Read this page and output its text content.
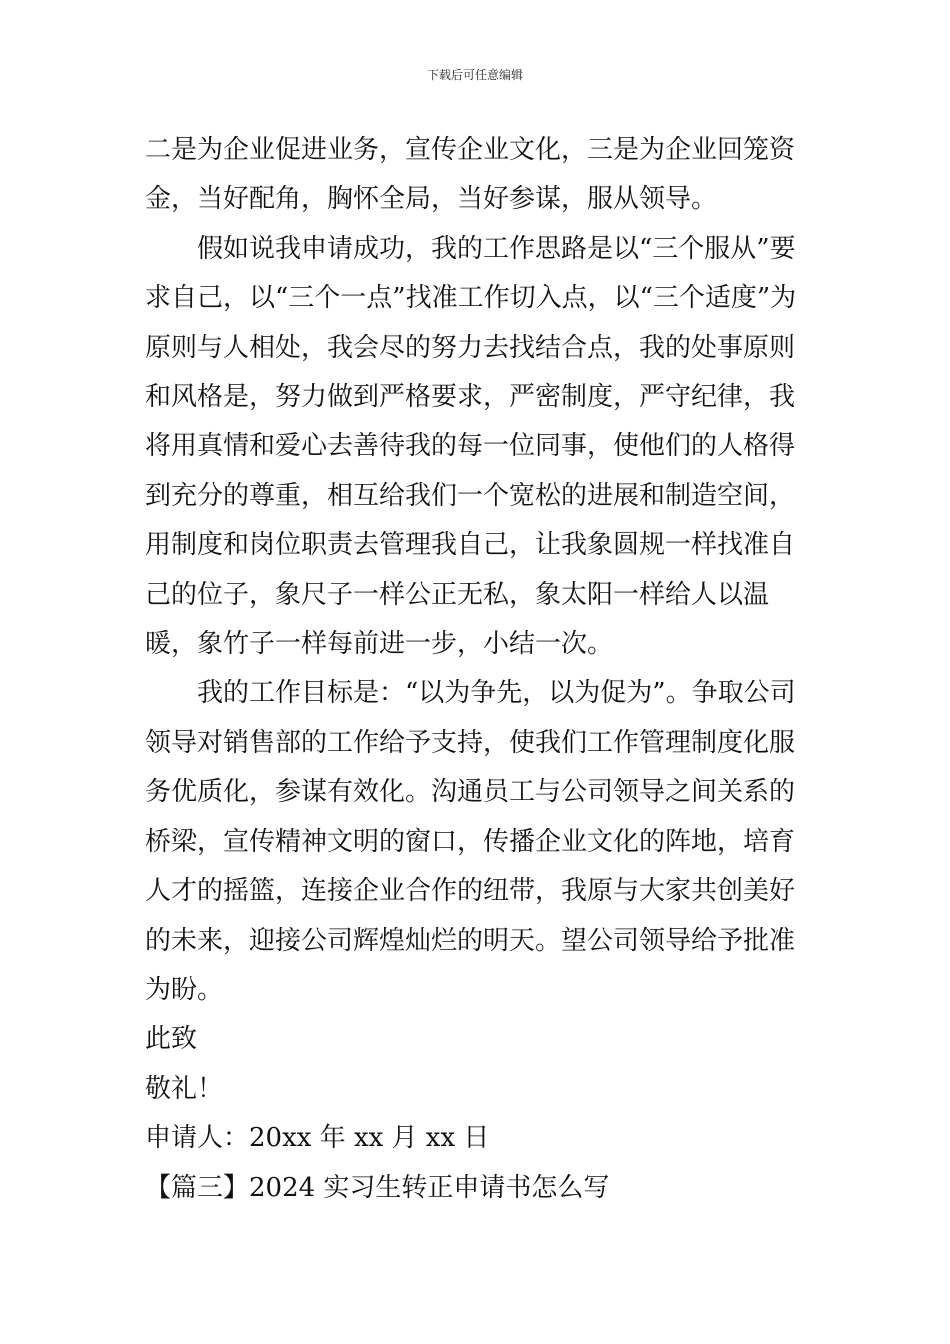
下载后可任意编辑

二是为企业促进业务，宣传企业文化，三是为企业回笼资金，当好配角，胸怀全局，当好参谋，服从领导。

假如说我申请成功，我的工作思路是以“三个服从”要求自己，以“三个一点”找准工作切入点，以“三个适度”为原则与人相处，我会尽的努力去找结合点，我的处事原则和风格是，努力做到严格要求，严密制度，严守纪律，我将用真情和爱心去善待我的每一位同事，使他们的人格得到充分的尊重，相互给我们一个宽松的进展和制造空间，用制度和岗位职责去管理我自己，让我象圆规一样找准自己的位子，象尺子一样公正无私，象太阳一样给人以温暖，象竹子一样每前进一步，小结一次。

我的工作目标是：“以为争先，以为促为”。争取公司领导对销售部的工作给予支持，使我们工作管理制度化服务优质化，参谋有效化。沟通员工与公司领导之间关系的桥梁，宣传精神文明的窗口，传播企业文化的阵地，培育人才的摇篮，连接企业合作的纽带，我原与大家共创美好的未来，迎接公司辉煌灿烂的明天。望公司领导给予批准为盼。

此致

敬礼！

申请人：20xx 年 xx 月 xx 日

【篇三】2024 实习生转正申请书怎么写
